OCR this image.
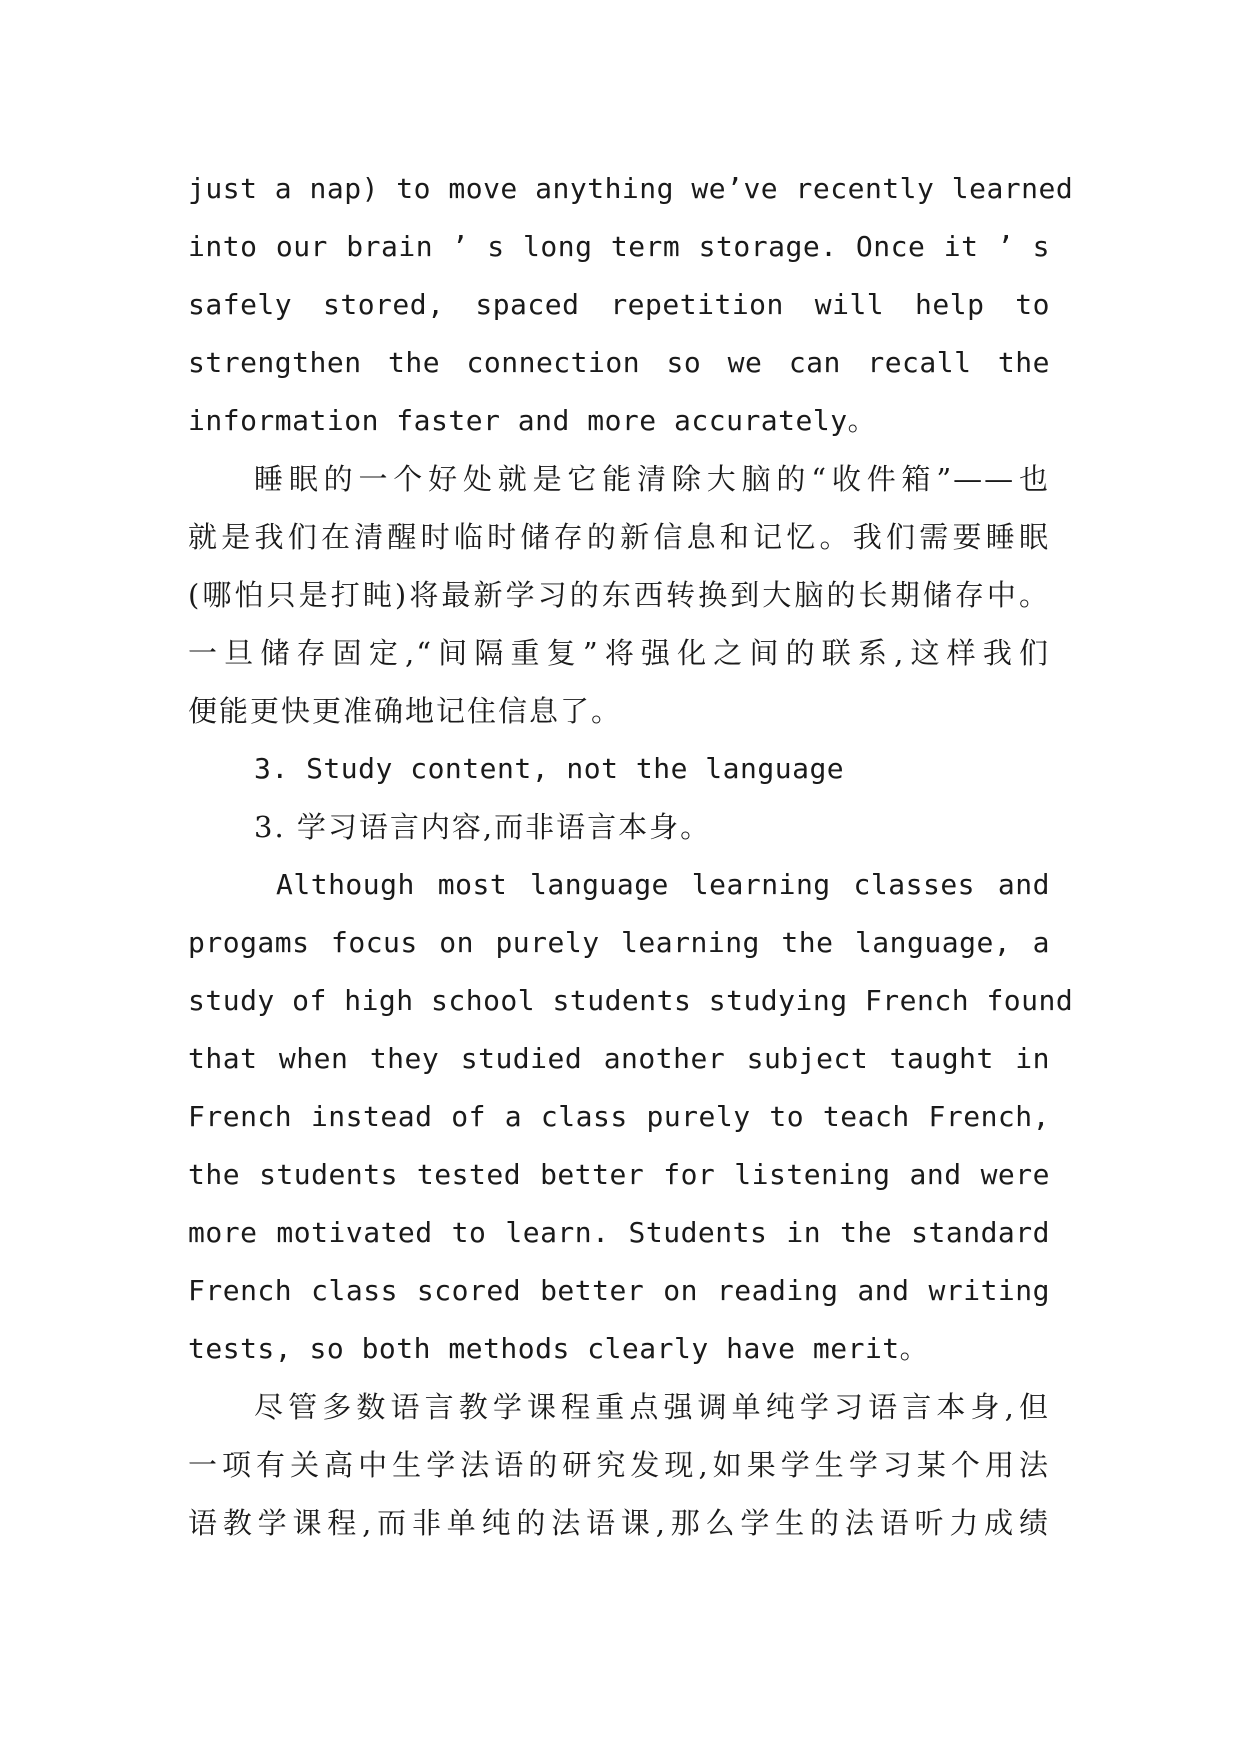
just a nap) to move anything we’ve recently learned
into our brain ’ s long term storage. Once it ’ s
safely stored, spaced repetition will help to
strengthen the connection so we can recall the
information faster and more accurately。
睡眠的一个好处就是它能清除大脑的“收件箱”——也
就是我们在清醒时临时储存的新信息和记忆。我们需要睡眠
(哪怕只是打盹)将最新学习的东西转换到大脑的长期储存中。
一旦储存固定,“间隔重复”将强化之间的联系,这样我们
便能更快更准确地记住信息了。
3. Study content, not the language
3. 学习语言内容,而非语言本身。
Although most language learning classes and
progams focus on purely learning the language, a
study of high school students studying French found
that when they studied another subject taught in
French instead of a class purely to teach French,
the students tested better for listening and were
more motivated to learn. Students in the standard
French class scored better on reading and writing
tests, so both methods clearly have merit。
尽管多数语言教学课程重点强调单纯学习语言本身,但
一项有关高中生学法语的研究发现,如果学生学习某个用法
语教学课程,而非单纯的法语课,那么学生的法语听力成绩
